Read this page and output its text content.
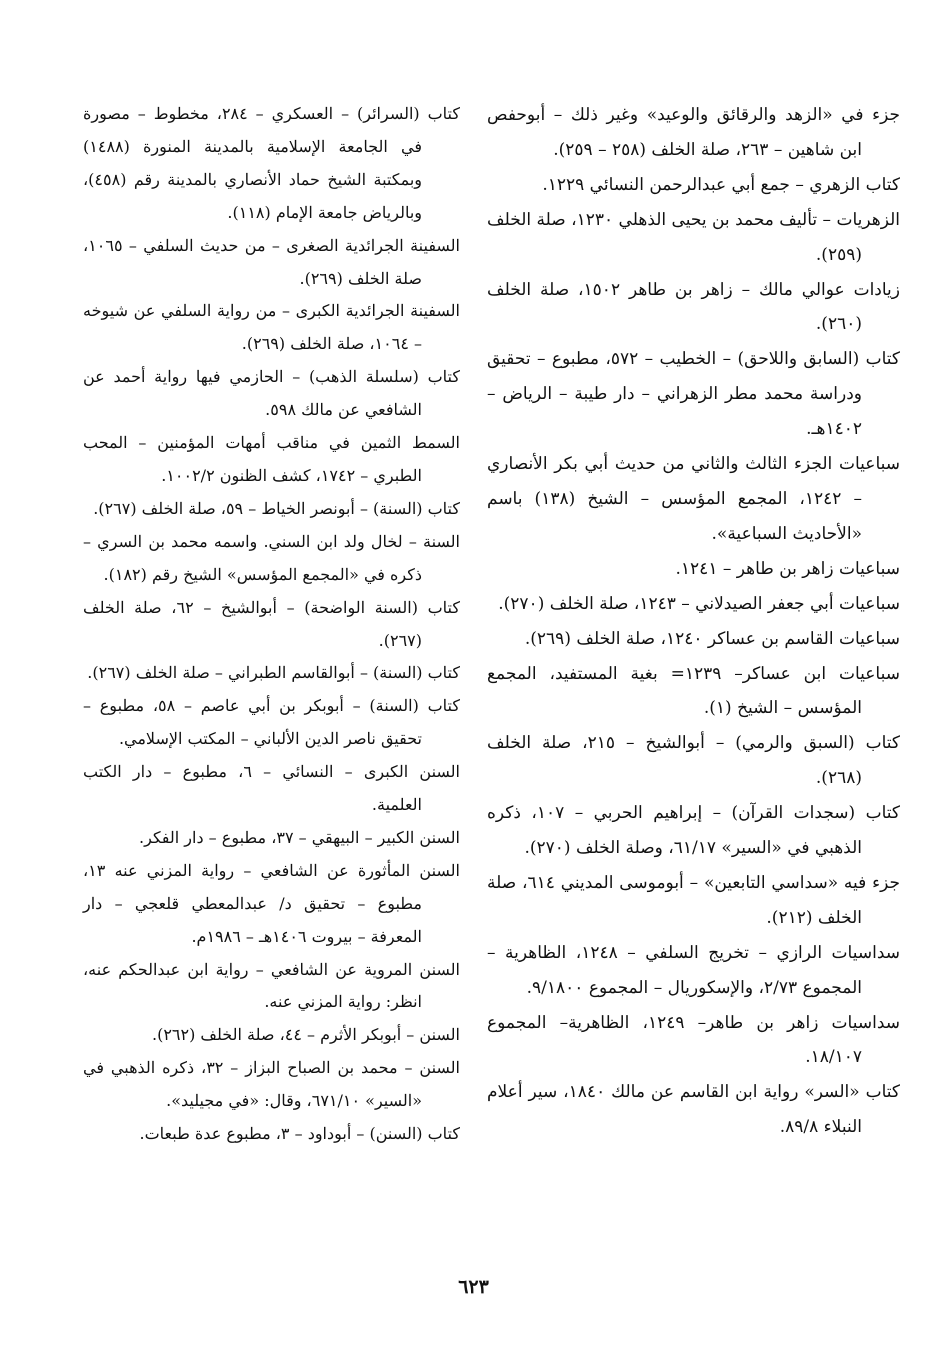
جزء في «الزهد والرقائق والوعيد» وغير ذلك – أبوحفص ابن شاهين – ٢٦٣، صلة الخلف (٢٥٨ – ٢٥٩).

كتاب الزهري – جمع أبي عبدالرحمن النسائي ١٢٢٩.

الزهريات – تأليف محمد بن يحيى الذهلي ١٢٣٠، صلة الخلف (٢٥٩).

زيادات عوالي مالك – زاهر بن طاهر ١٥٠٢، صلة الخلف (٢٦٠).

كتاب (السابق واللاحق) – الخطيب – ٥٧٢، مطبوع – تحقيق ودراسة محمد مطر الزهراني – دار طيبة – الرياض – ١٤٠٢هـ.

سباعيات الجزء الثالث والثاني من حديث أبي بكر الأنصاري – ١٢٤٢، المجمع المؤسس – الشيخ (١٣٨) باسم «الأحاديث السباعية».

سباعيات زاهر بن طاهر – ١٢٤١.

سباعيات أبي جعفر الصيدلاني – ١٢٤٣، صلة الخلف (٢٧٠).

سباعيات القاسم بن عساكر ١٢٤٠، صلة الخلف (٢٦٩).

سباعيات ابن عساكر– ١٢٣٩= بغية المستفيد، المجمع المؤسس – الشيخ (١).

كتاب (السبق والرمي) – أبوالشيخ – ٢١٥، صلة الخلف (٢٦٨).

كتاب (سجدات القرآن) – إبراهيم الحربي – ١٠٧، ذكره الذهبي في «السير» ٦١/١٧، وصلة الخلف (٢٧٠).

جزء فيه «سداسي التابعين» – أبوموسى المديني ٦١٤، صلة الخلف (٢١٢).

سداسيات الرازي – تخريج السلفي – ١٢٤٨، الظاهرية – المجموع ٢/٧٣، والإسكوريال – المجموع ٩/١٨٠٠.

سداسيات زاهر بن طاهر– ١٢٤٩، الظاهرية– المجموع ١٨/١٠٧.

كتاب «السر» رواية ابن القاسم عن مالك ١٨٤٠، سير أعلام النبلاء ٨٩/٨.

كتاب (السرائر) – العسكري – ٢٨٤، مخطوط – مصورة في الجامعة الإسلامية بالمدينة المنورة (١٤٨٨) وبمكتبة الشيخ حماد الأنصاري بالمدينة رقم (٤٥٨)، وبالرياض جامعة الإمام (١١٨).

السفينة الجرائدية الصغرى – من حديث السلفي – ١٠٦٥، صلة الخلف (٢٦٩).

السفينة الجرائدية الكبرى – من رواية السلفي عن شيوخه – ١٠٦٤، صلة الخلف (٢٦٩).

كتاب (سلسلة الذهب) – الحازمي فيها رواية أحمد عن الشافعي عن مالك ٥٩٨.

السمط الثمين في مناقب أمهات المؤمنين – المحب الطبري – ١٧٤٢، كشف الظنون ١٠٠٢/٢.

كتاب (السنة) – أبونصر الخياط – ٥٩، صلة الخلف (٢٦٧).

السنة – لخال ولد ابن السني. واسمه محمد بن السري – ذكره في «المجمع المؤسس» الشيخ رقم (١٨٢).

كتاب (السنة الواضحة) – أبوالشيخ – ٦٢، صلة الخلف (٢٦٧).

كتاب (السنة) – أبوالقاسم الطبراني – صلة الخلف (٢٦٧).

كتاب (السنة) – أبوبكر بن أبي عاصم – ٥٨، مطبوع – تحقيق ناصر الدين الألباني – المكتب الإسلامي.

السنن الكبرى – النسائي – ٦، مطبوع – دار الكتب العلمية.

السنن الكبير – البيهقي – ٣٧، مطبوع – دار الفكر.

السنن المأثورة عن الشافعي – رواية المزني عنه ١٣، مطبوع – تحقيق د/ عبدالمعطي قلعجي – دار المعرفة – بيروت ١٤٠٦هـ – ١٩٨٦م.

السنن المروية عن الشافعي – رواية ابن عبدالحكم عنه، انظر: رواية المزني عنه.

السنن – أبوبكر الأثرم – ٤٤، صلة الخلف (٢٦٢).

السنن – محمد بن الصباح البزاز – ٣٢، ذكره الذهبي في «السير» ٦٧١/١٠، وقال: «في مجيليد».

كتاب (السنن) – أبوداود – ٣، مطبوع عدة طبعات.

٦٢٣
